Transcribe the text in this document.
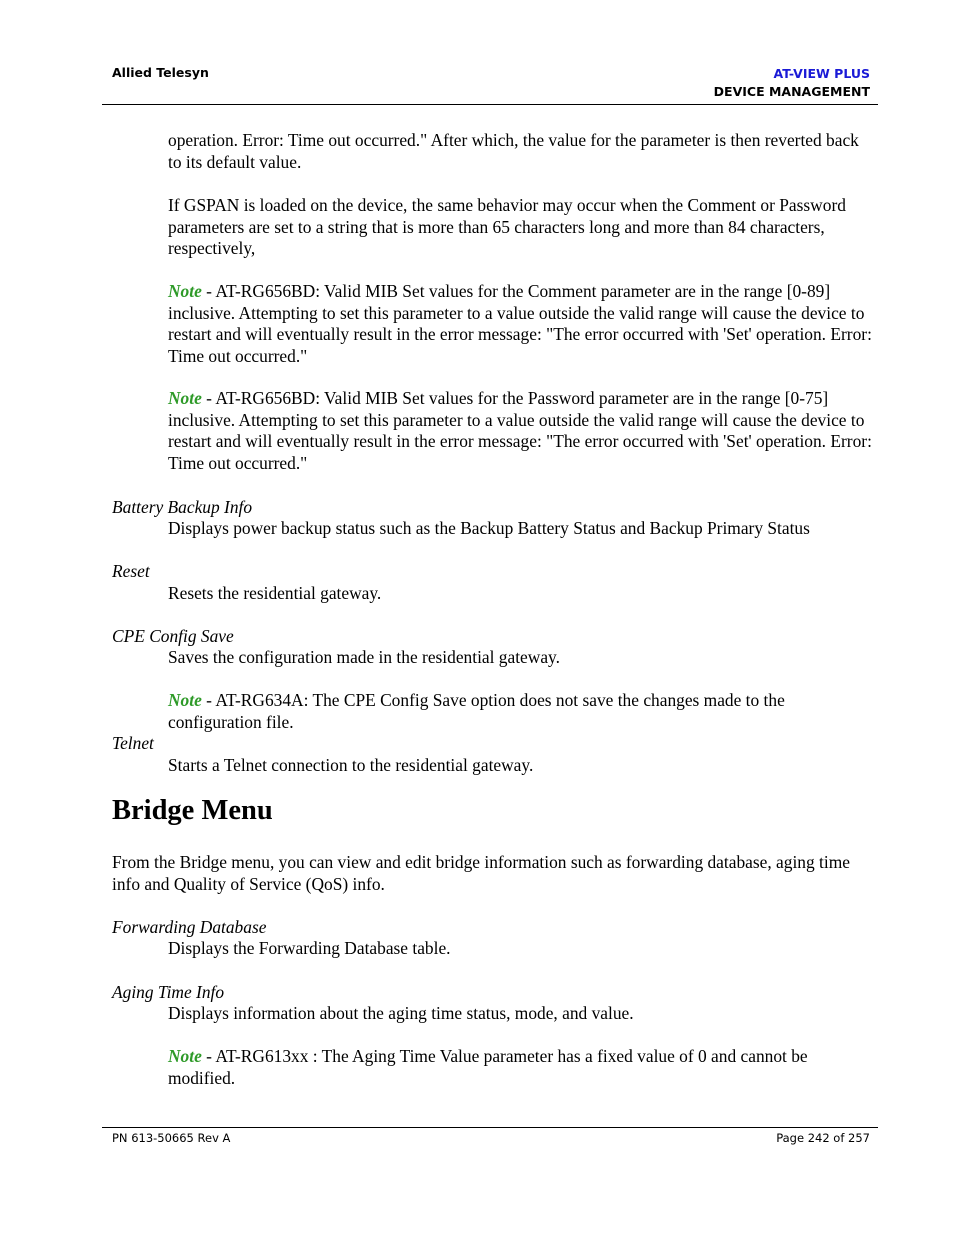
Allied Telesyn	AT-VIEW PLUS
DEVICE MANAGEMENT

operation. Error: Time out occurred." After which, the value for the parameter is then reverted back to its default value.

If GSPAN is loaded on the device, the same behavior may occur when the Comment or Password parameters are set to a string that is more than 65 characters long and more than 84 characters, respectively,

Note - AT-RG656BD: Valid MIB Set values for the Comment parameter are in the range [0-89] inclusive. Attempting to set this parameter to a value outside the valid range will cause the device to restart and will eventually result in the error message: "The error occurred with 'Set' operation. Error: Time out occurred."

Note - AT-RG656BD: Valid MIB Set values for the Password parameter are in the range [0-75] inclusive. Attempting to set this parameter to a value outside the valid range will cause the device to restart and will eventually result in the error message: "The error occurred with 'Set' operation. Error: Time out occurred."

Battery Backup Info

Displays power backup status such as the Backup Battery Status and Backup Primary Status

Reset

Resets the residential gateway.

CPE Config Save

Saves the configuration made in the residential gateway.

Note - AT-RG634A: The CPE Config Save option does not save the changes made to the configuration file.

Telnet

Starts a Telnet connection to the residential gateway.

Bridge Menu

From the Bridge menu, you can view and edit bridge information such as forwarding database, aging time info and Quality of Service (QoS) info.

Forwarding Database

Displays the Forwarding Database table.

Aging Time Info

Displays information about the aging time status, mode, and value.

Note - AT-RG613xx : The Aging Time Value parameter has a fixed value of 0 and cannot be modified.

PN 613-50665 Rev A	Page 242 of 257
